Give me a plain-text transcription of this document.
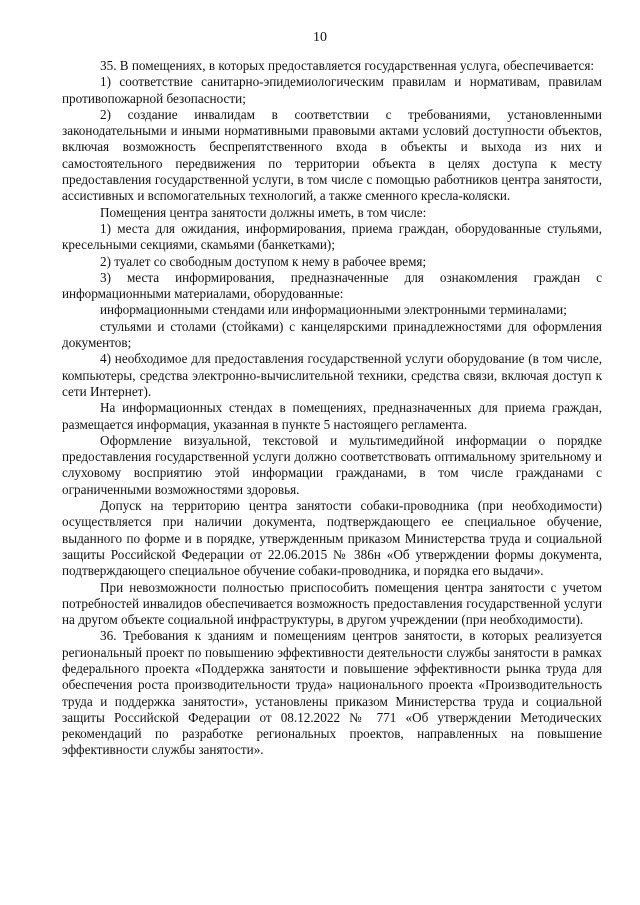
10

35. В помещениях, в которых предоставляется государственная услуга, обеспечивается:

1) соответствие санитарно-эпидемиологическим правилам и нормативам, правилам противопожарной безопасности;

2) создание инвалидам в соответствии с требованиями, установленными законодательными и иными нормативными правовыми актами условий доступности объектов, включая возможность беспрепятственного входа в объекты и выхода из них и самостоятельного передвижения по территории объекта в целях доступа к месту предоставления государственной услуги, в том числе с помощью работников центра занятости, ассистивных и вспомогательных технологий, а также сменного кресла-коляски.

Помещения центра занятости должны иметь, в том числе:

1) места для ожидания, информирования, приема граждан, оборудованные стульями, кресельными секциями, скамьями (банкетками);

2) туалет со свободным доступом к нему в рабочее время;

3) места информирования, предназначенные для ознакомления граждан с информационными материалами, оборудованные:

информационными стендами или информационными электронными терминалами;

стульями и столами (стойками) с канцелярскими принадлежностями для оформления документов;

4) необходимое для предоставления государственной услуги оборудование (в том числе, компьютеры, средства электронно-вычислительной техники, средства связи, включая доступ к сети Интернет).

На информационных стендах в помещениях, предназначенных для приема граждан, размещается информация, указанная в пункте 5 настоящего регламента.

Оформление визуальной, текстовой и мультимедийной информации о порядке предоставления государственной услуги должно соответствовать оптимальному зрительному и слуховому восприятию этой информации гражданами, в том числе гражданами с ограниченными возможностями здоровья.

Допуск на территорию центра занятости собаки-проводника (при необходимости) осуществляется при наличии документа, подтверждающего ее специальное обучение, выданного по форме и в порядке, утвержденным приказом Министерства труда и социальной защиты Российской Федерации от 22.06.2015 № 386н «Об утверждении формы документа, подтверждающего специальное обучение собаки-проводника, и порядка его выдачи».

При невозможности полностью приспособить помещения центра занятости с учетом потребностей инвалидов обеспечивается возможность предоставления государственной услуги на другом объекте социальной инфраструктуры, в другом учреждении (при необходимости).

36. Требования к зданиям и помещениям центров занятости, в которых реализуется региональный проект по повышению эффективности деятельности службы занятости в рамках федерального проекта «Поддержка занятости и повышение эффективности рынка труда для обеспечения роста производительности труда» национального проекта «Производительность труда и поддержка занятости», установлены приказом Министерства труда и социальной защиты Российской Федерации от 08.12.2022 № 771 «Об утверждении Методических рекомендаций по разработке региональных проектов, направленных на повышение эффективности службы занятости».
